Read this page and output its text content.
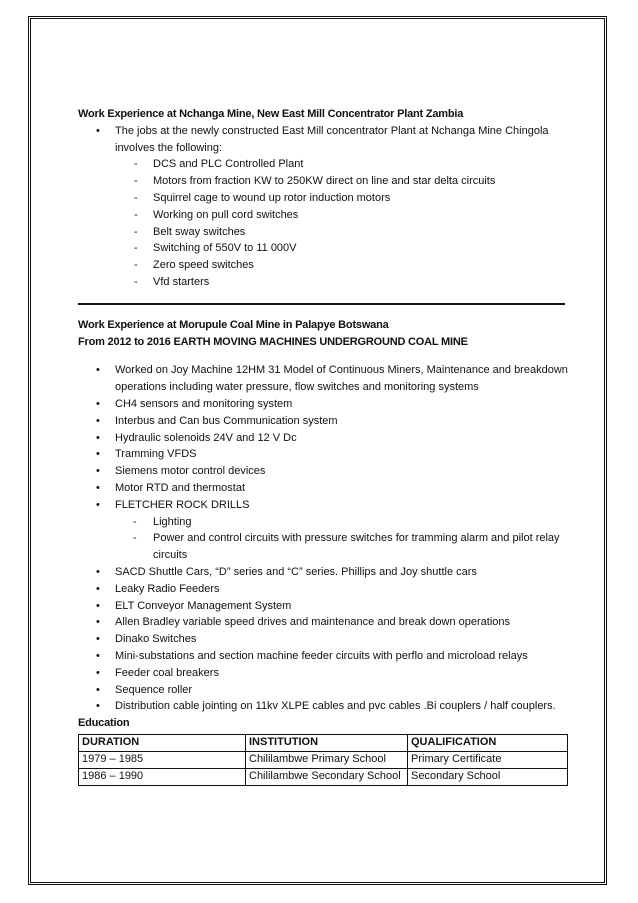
Work Experience at Nchanga Mine, New East Mill Concentrator Plant Zambia

• The jobs at the newly constructed East Mill concentrator Plant at Nchanga Mine Chingola involves the following:
- DCS and PLC Controlled Plant
- Motors from fraction KW to 250KW direct on line and star delta circuits
- Squirrel cage to wound up rotor induction motors
- Working on pull cord switches
- Belt sway switches
- Switching of 550V to 11 000V
- Zero speed switches
- Vfd starters

Work Experience at Morupule Coal Mine in Palapye Botswana

From 2012 to 2016 EARTH MOVING MACHINES UNDERGROUND COAL MINE

• Worked on Joy Machine 12HM 31 Model of Continuous Miners, Maintenance and breakdown operations including water pressure, flow switches and monitoring systems
• CH4 sensors and monitoring system
• Interbus and Can bus Communication system
• Hydraulic solenoids 24V and 12 V Dc
• Tramming VFDS
• Siemens motor control devices
• Motor RTD and thermostat
• FLETCHER ROCK DRILLS
- Lighting
- Power and control circuits with pressure switches for tramming alarm and pilot relay circuits
• SACD Shuttle Cars, “D” series and “C” series. Phillips and Joy shuttle cars
• Leaky Radio Feeders
• ELT Conveyor Management System
• Allen Bradley variable speed drives and maintenance and break down operations
• Dinako Switches
• Mini-substations and section machine feeder circuits with perflo and microload relays
• Feeder coal breakers
• Sequence roller
• Distribution cable jointing on 11kv XLPE cables and pvc cables .Bi couplers / half couplers.

Education

DURATION	INSTITUTION	QUALIFICATION
1979 – 1985	Chililambwe Primary School	Primary Certificate
1986 – 1990	Chililambwe Secondary School	Secondary School
